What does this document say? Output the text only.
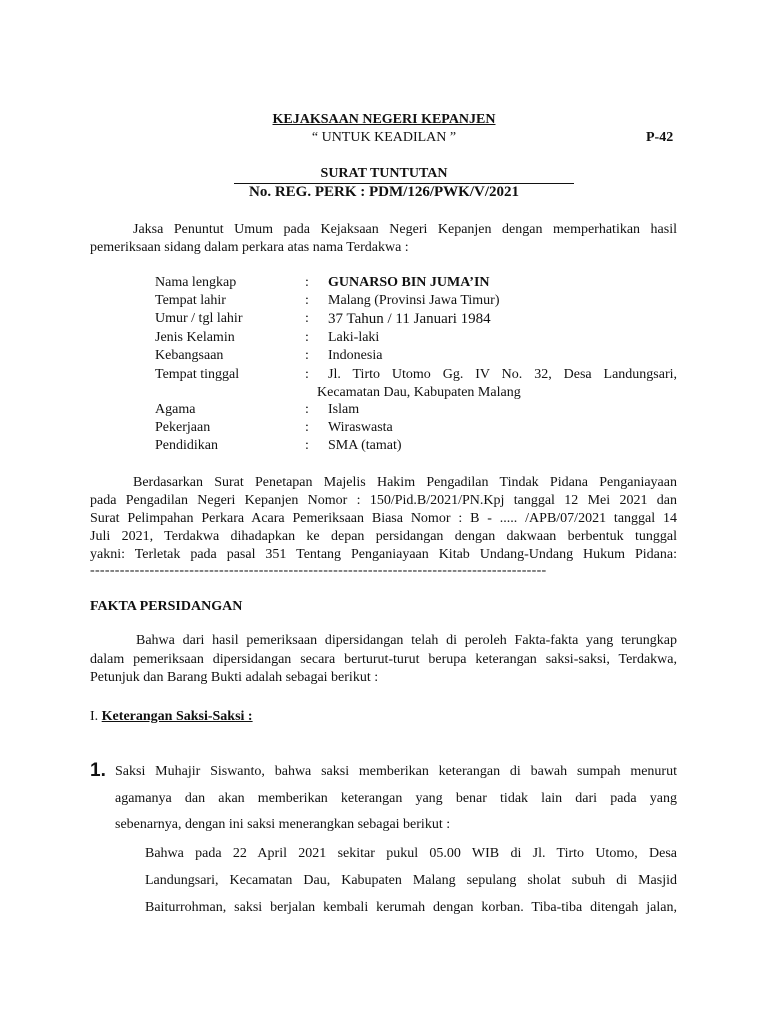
KEJAKSAAN NEGERI KEPANJEN
“ UNTUK KEADILAN ”	P-42
SURAT TUNTUTAN
No. REG. PERK : PDM/126/PWK/V/2021
Jaksa Penuntut Umum pada Kejaksaan Negeri Kepanjen dengan memperhatikan hasil
pemeriksaan sidang dalam perkara atas nama Terdakwa :
Nama lengkap	: GUNARSO BIN JUMA’IN
Tempat lahir	: Malang (Provinsi Jawa Timur)
Umur / tgl lahir	: 37 Tahun / 11 Januari 1984
Jenis Kelamin	: Laki-laki
Kebangsaan	: Indonesia
Tempat tinggal	: Jl. Tirto Utomo Gg. IV No. 32, Desa Landungsari,
Kecamatan Dau, Kabupaten Malang
Agama	: Islam
Pekerjaan	: Wiraswasta
Pendidikan	: SMA (tamat)
Berdasarkan Surat Penetapan Majelis Hakim Pengadilan Tindak Pidana Penganiayaan
pada Pengadilan Negeri Kepanjen Nomor : 150/Pid.B/2021/PN.Kpj tanggal 12 Mei 2021 dan
Surat Pelimpahan Perkara Acara Pemeriksaan Biasa Nomor : B - ..... /APB/07/2021 tanggal 14
Juli 2021, Terdakwa dihadapkan ke depan persidangan dengan dakwaan berbentuk tunggal
yakni: Terletak pada pasal 351 Tentang Penganiayaan Kitab Undang-Undang Hukum Pidana:
--------------------------------------------------------------------------------------------
FAKTA PERSIDANGAN
Bahwa dari hasil pemeriksaan dipersidangan telah di peroleh Fakta-fakta yang terungkap
dalam pemeriksaan dipersidangan secara berturut-turut berupa keterangan saksi-saksi, Terdakwa,
Petunjuk dan Barang Bukti adalah sebagai berikut :
I. Keterangan Saksi-Saksi :
1. Saksi Muhajir Siswanto, bahwa saksi memberikan keterangan di bawah sumpah menurut
agamanya dan akan memberikan keterangan yang benar tidak lain dari pada yang
sebenarnya, dengan ini saksi menerangkan sebagai berikut :
Bahwa pada 22 April 2021 sekitar pukul 05.00 WIB di Jl. Tirto Utomo, Desa
Landungsari, Kecamatan Dau, Kabupaten Malang sepulang sholat subuh di Masjid
Baiturrohman, saksi berjalan kembali kerumah dengan korban. Tiba-tiba ditengah jalan,
